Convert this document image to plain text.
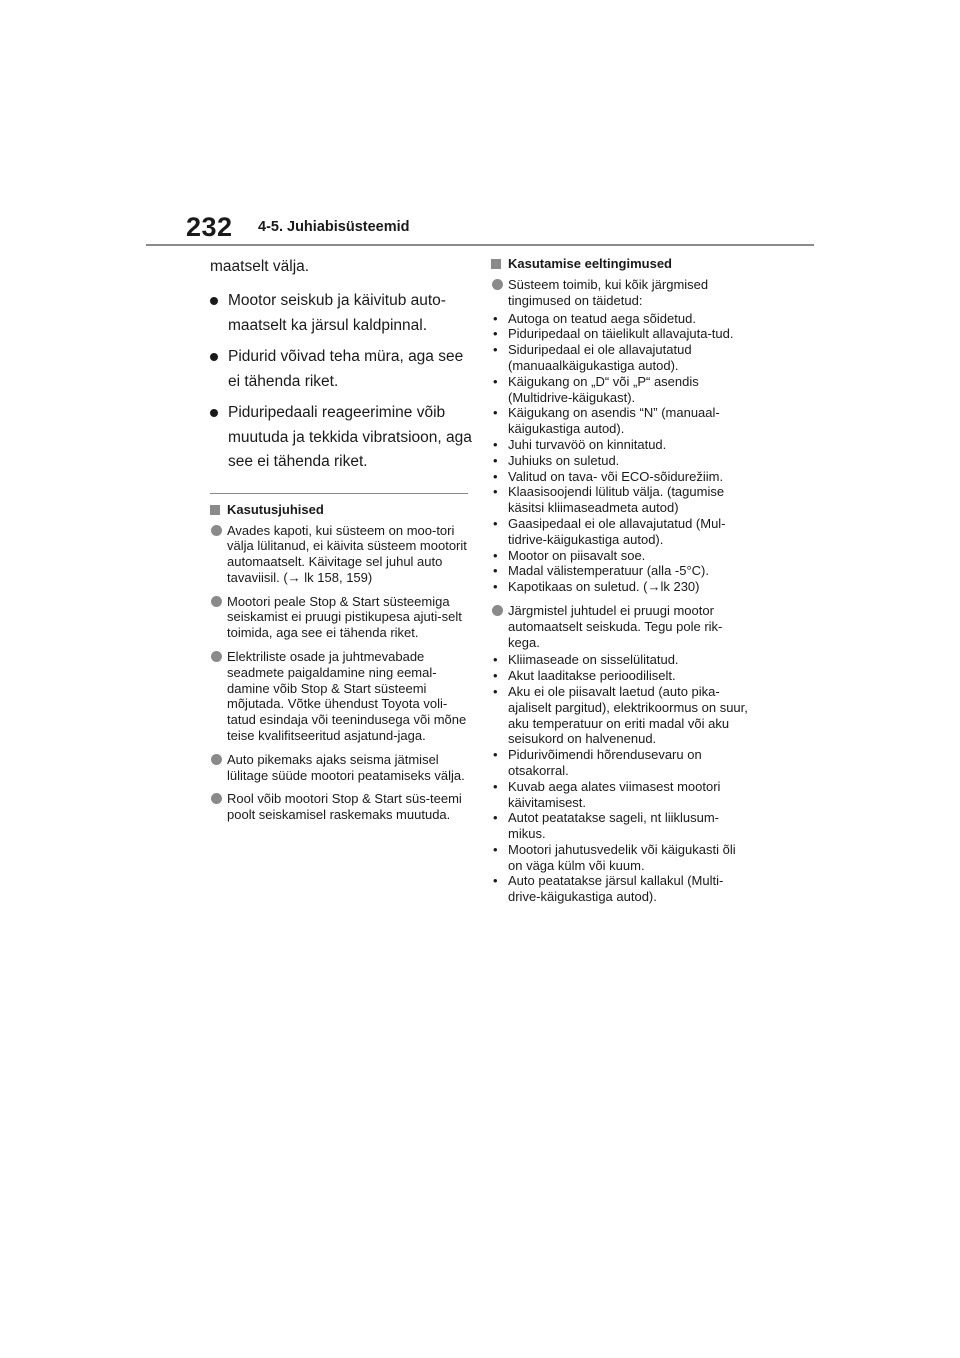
232 4-5. Juhiabisüsteemid

maatselt välja.

Mootor seiskub ja käivitub auto-maatselt ka järsul kaldpinnal.
Pidurid võivad teha müra, aga see ei tähenda riket.
Piduripedaali reageerimine võib muutuda ja tekkida vibratsioon, aga see ei tähenda riket.
Kasutusjuhised
Avades kapoti, kui süsteem on moo-tori välja lülitanud, ei käivita süsteem mootorit automaatselt. Käivitage sel juhul auto tavaviisil. (→ lk 158, 159)
Mootori peale Stop & Start süsteemiga seiskamist ei pruugi pistikupesa ajuti-selt toimida, aga see ei tähenda riket.
Elektriliste osade ja juhtmevabade seadmete paigaldamine ning eemal-damine võib Stop & Start süsteemi mõjutada. Võtke ühendust Toyota voli-tatud esindaja või teenindusega või mõne teise kvalifitseeritud asjatund-jaga.
Auto pikemaks ajaks seisma jätmisel lülitage süüde mootori peatamiseks välja.
Rool võib mootori Stop & Start süs-teemi poolt seiskamisel raskemaks muutuda.
Kasutamise eeltingimused
Süsteem toimib, kui kõik järgmised tingimused on täidetud:
• Autoga on teatud aega sõidetud.
• Piduripedaal on täielikult allavajuta-tud.
• Siduripedaal ei ole allavajutatud (manuaalkäigukastiga autod).
• Käigukang on „D“ või „P“ asendis (Multidrive-käigukast).
• Käigukang on asendis “N” (manuaal-käigukastiga autod).
• Juhi turvavöö on kinnitatud.
• Juhiuks on suletud.
• Valitud on tava- või ECO-sõidurežiim.
• Klaasisoojendi lülitub välja. (tagumise käsitsi kliimaseadmeta autod)
• Gaasipedaal ei ole allavajutatud (Mul-tidrive-käigukastiga autod).
• Mootor on piisavalt soe.
• Madal välistemperatuur (alla -5°C).
• Kapotikaas on suletud. (→lk 230)
Järgmistel juhtudel ei pruugi mootor automaatselt seiskuda. Tegu pole rik-kega.
• Kliimaseade on sisselülitatud.
• Akut laaditakse perioodiliselt.
• Aku ei ole piisavalt laetud (auto pika-ajaliselt pargitud), elektrikoormus on suur, aku temperatuur on eriti madal või aku seisukord on halvenenud.
• Pidurivõimendi hõrendusevaru on otsakorral.
• Kuvab aega alates viimasest mootori käivitamisest.
• Autot peatatakse sageli, nt liiklusum-mikus.
• Mootori jahutusvedelik või käigukasti õli on väga külm või kuum.
• Auto peatatakse järsul kallakul (Multi-drive-käigukastiga autod).
